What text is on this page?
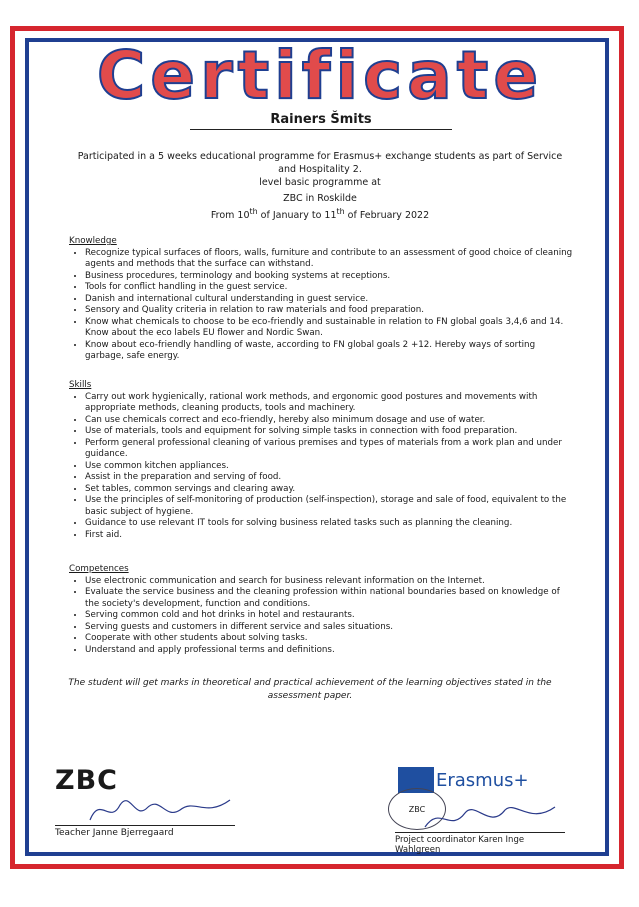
Certificate
Rainers Šmits
Participated in a 5 weeks educational programme for Erasmus+ exchange students as part of Service and Hospitality 2.
level basic programme at
ZBC in Roskilde
From 10th of January to 11th of February 2022
Knowledge
• Recognize typical surfaces of floors, walls, furniture and contribute to an assessment of good choice of cleaning agents and methods that the surface can withstand.
• Business procedures, terminology and booking systems at receptions.
• Tools for conflict handling in the guest service.
• Danish and international cultural understanding in guest service.
• Sensory and Quality criteria in relation to raw materials and food preparation.
• Know what chemicals to choose to be eco-friendly and sustainable in relation to FN global goals 3,4,6 and 14. Know about the eco labels EU flower and Nordic Swan.
• Know about eco-friendly handling of waste, according to FN global goals 2 +12. Hereby ways of sorting garbage, safe energy.
Skills
• Carry out work hygienically, rational work methods, and ergonomic good postures and movements with appropriate methods, cleaning products, tools and machinery.
• Can use chemicals correct and eco-friendly, hereby also minimum dosage and use of water.
• Use of materials, tools and equipment for solving simple tasks in connection with food preparation.
• Perform general professional cleaning of various premises and types of materials from a work plan and under guidance.
• Use common kitchen appliances.
• Assist in the preparation and serving of food.
• Set tables, common servings and clearing away.
• Use the principles of self-monitoring of production (self-inspection), storage and sale of food, equivalent to the basic subject of hygiene.
• Guidance to use relevant IT tools for solving business related tasks such as planning the cleaning.
• First aid.
Competences
• Use electronic communication and search for business relevant information on the Internet.
• Evaluate the service business and the cleaning profession within national boundaries based on knowledge of the society's development, function and conditions.
• Serving common cold and hot drinks in hotel and restaurants.
• Serving guests and customers in different service and sales situations.
• Cooperate with other students about solving tasks.
• Understand and apply professional terms and definitions.
The student will get marks in theoretical and practical achievement of the learning objectives stated in the assessment paper.
ZBC
Teacher Janne Bjerregaard
Erasmus+
ZBC
Project coordinator Karen Inge Wahlgreen
